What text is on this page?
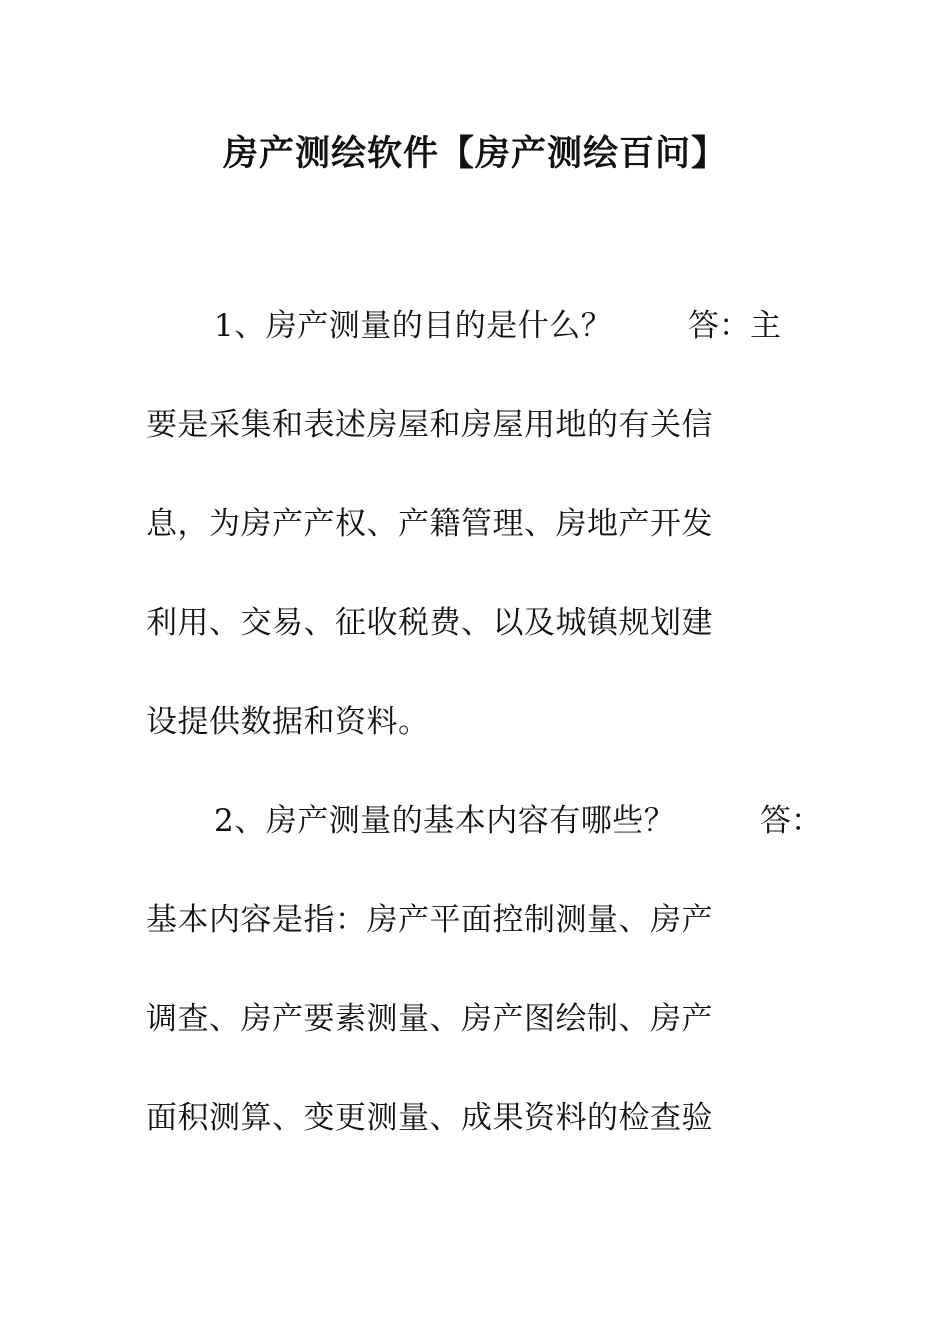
房产测绘软件【房产测绘百问】
1、房产测量的目的是什么？ 答：主
要是采集和表述房屋和房屋用地的有关信
息，为房产产权、产籍管理、房地产开发
利用、交易、征收税费、以及城镇规划建
设提供数据和资料。
2、房产测量的基本内容有哪些？	答：
基本内容是指：房产平面控制测量、房产
调查、房产要素测量、房产图绘制、房产
面积测算、变更测量、成果资料的检查验
